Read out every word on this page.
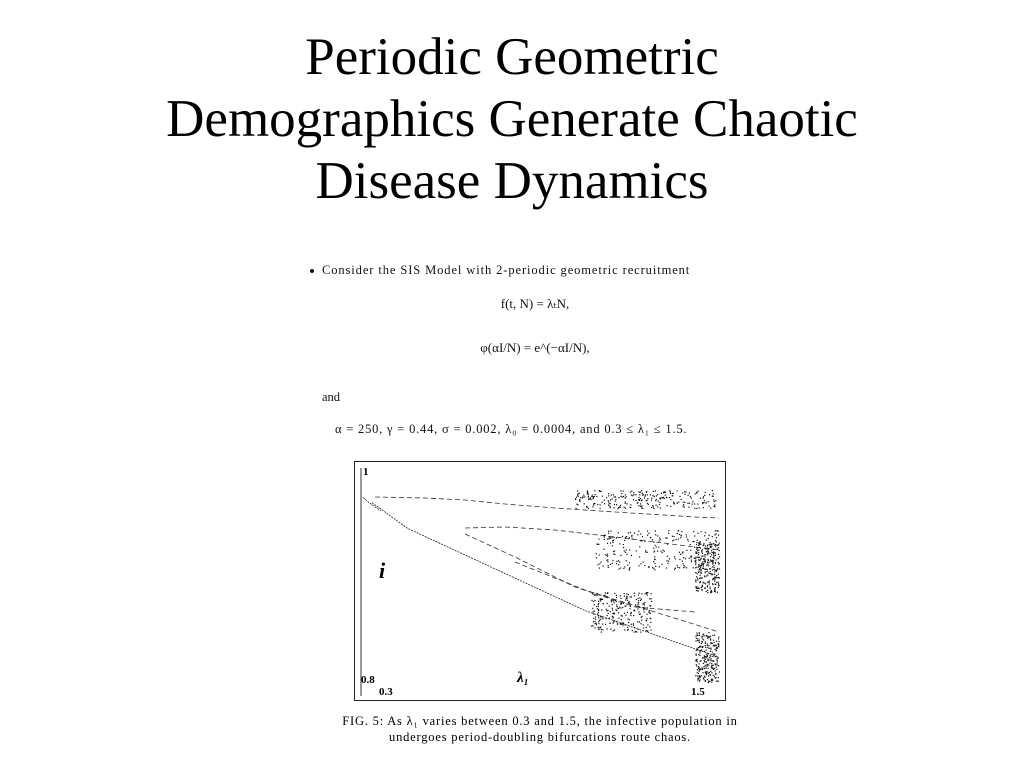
Periodic Geometric
Demographics Generate Chaotic
Disease Dynamics
Consider the SIS Model with 2-periodic geometric recruitment
f(t, N) = λₜN,
φ(αI/N) = e^(−αI/N),
and
α = 250, γ = 0.44, σ = 0.002, λ₀ = 0.0004, and 0.3 ≤ λ₁ ≤ 1.5.
1
0.8
0.3	1.5
λ₁
i
FIG. 5: As λ₁ varies between 0.3 and 1.5, the infective population in undergoes period-doubling bifurcations route chaos.
